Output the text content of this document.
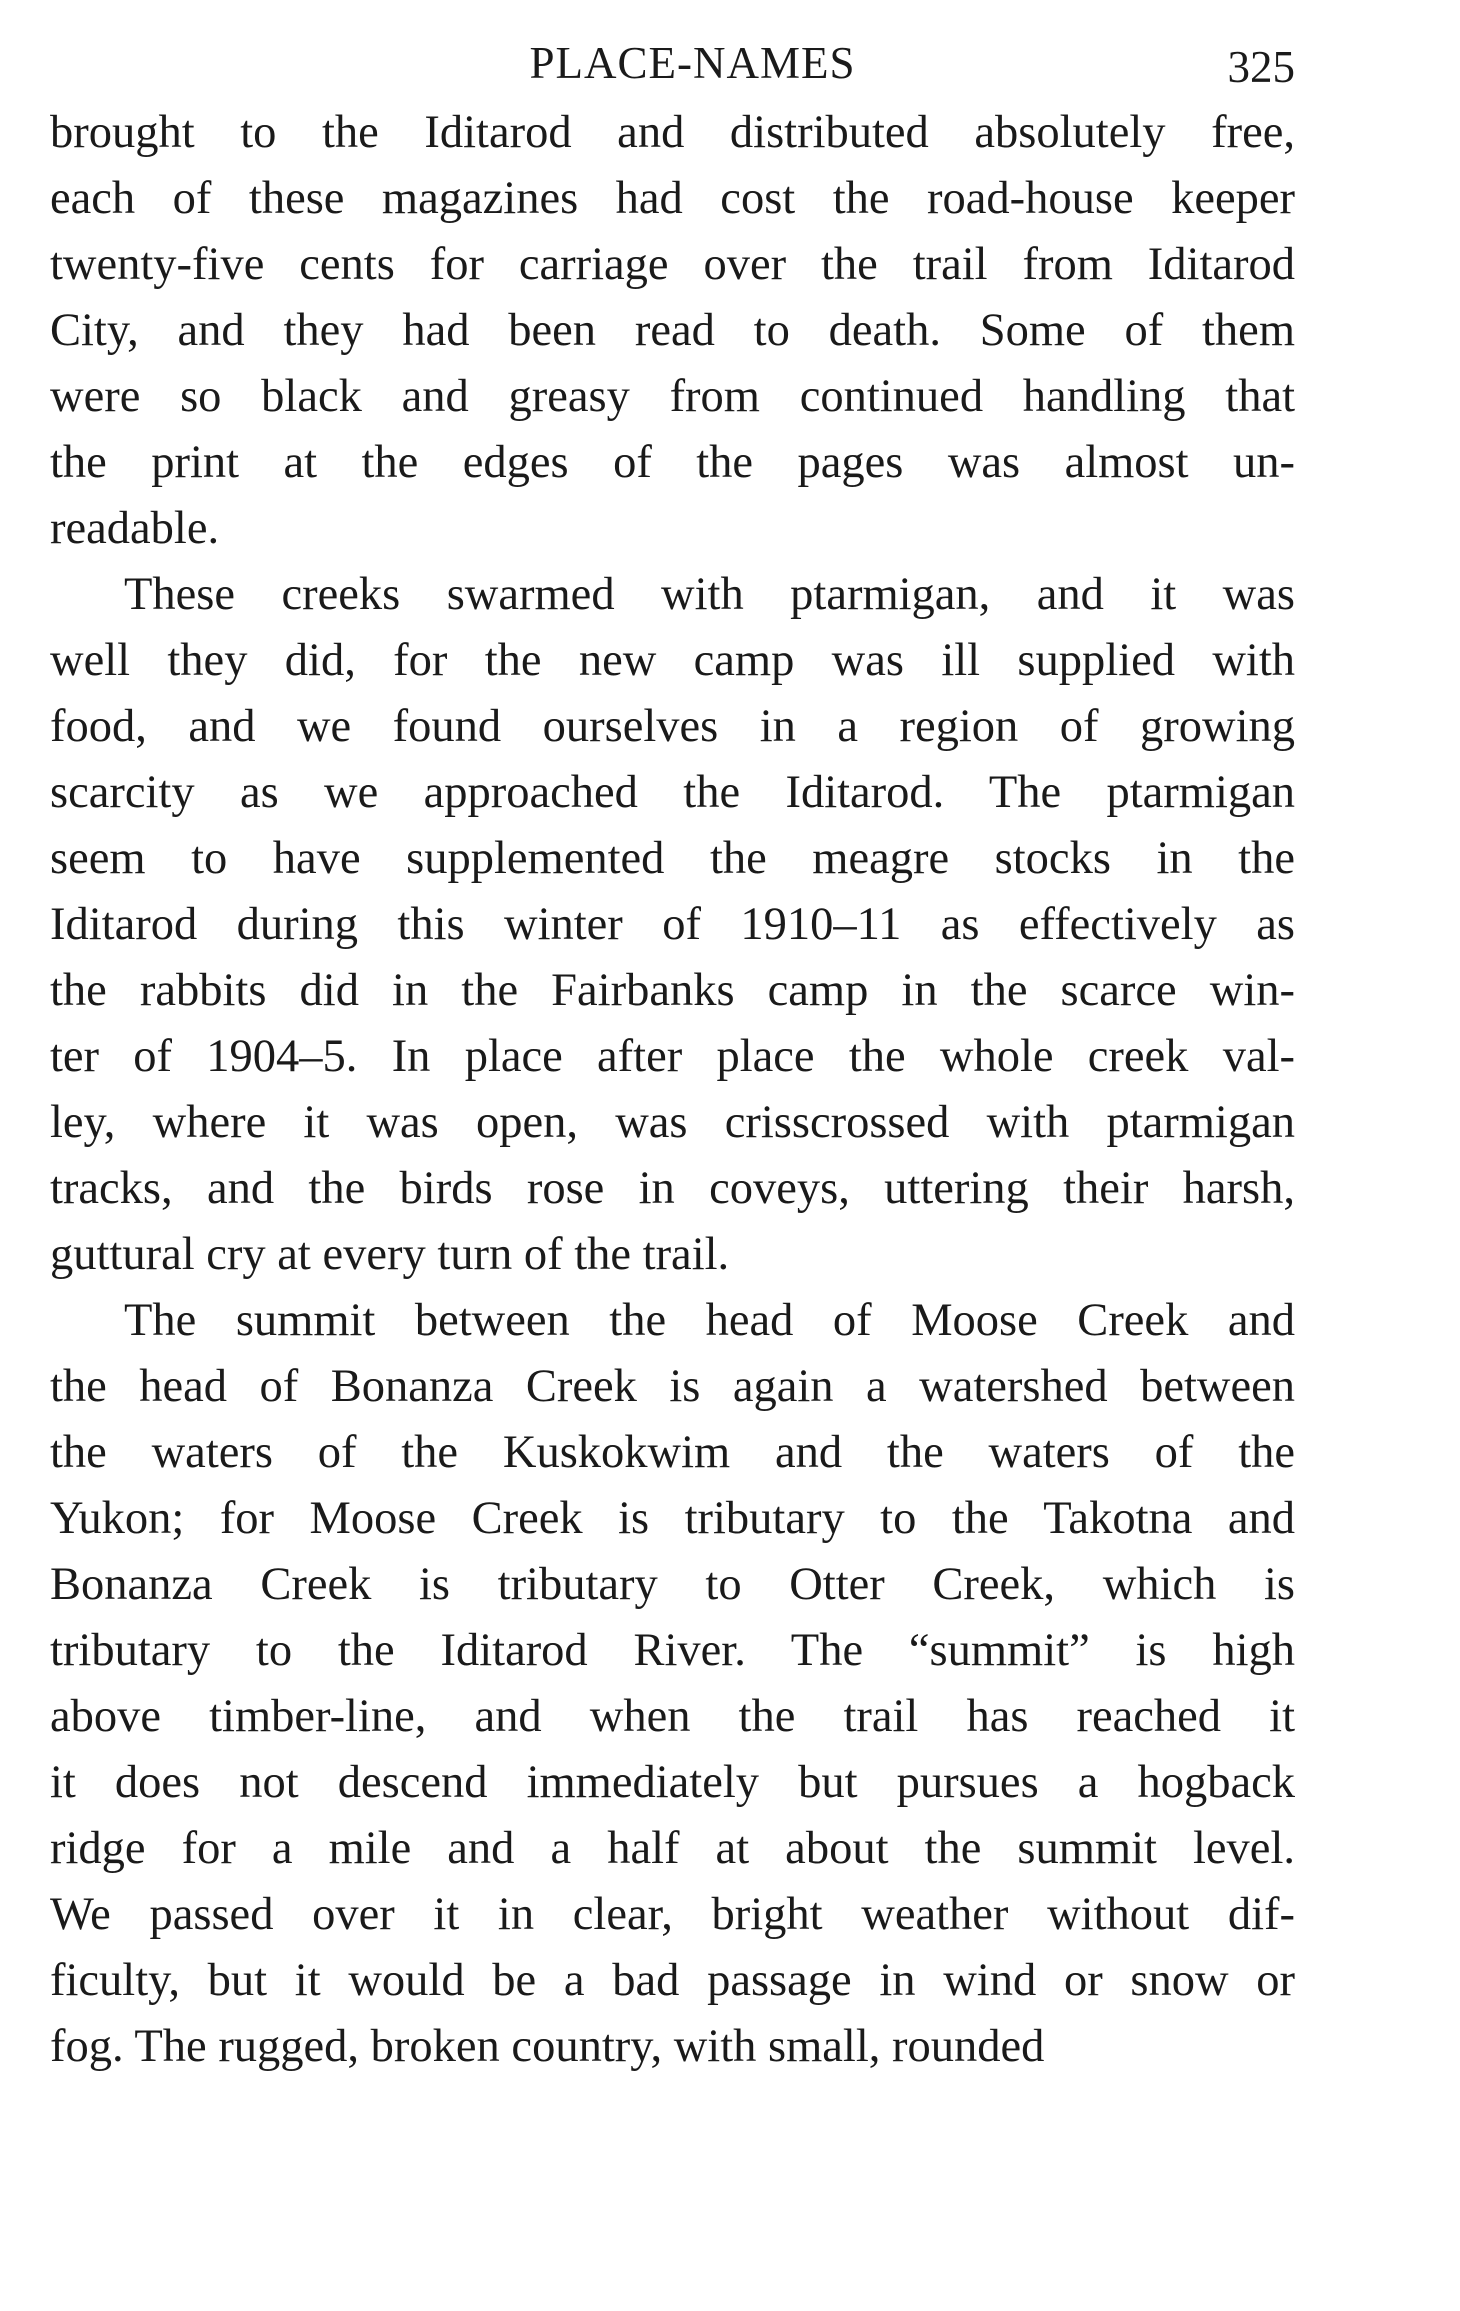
PLACE-NAMES	325

brought to the Iditarod and distributed absolutely free,
each of these magazines had cost the road-house keeper
twenty-five cents for carriage over the trail from Iditarod
City, and they had been read to death. Some of them
were so black and greasy from continued handling that
the print at the edges of the pages was almost un-
readable.

These creeks swarmed with ptarmigan, and it was
well they did, for the new camp was ill supplied with
food, and we found ourselves in a region of growing
scarcity as we approached the Iditarod. The ptarmigan
seem to have supplemented the meagre stocks in the
Iditarod during this winter of 1910–11 as effectively as
the rabbits did in the Fairbanks camp in the scarce win-
ter of 1904–5. In place after place the whole creek val-
ley, where it was open, was crisscrossed with ptarmigan
tracks, and the birds rose in coveys, uttering their harsh,
guttural cry at every turn of the trail.

The summit between the head of Moose Creek and
the head of Bonanza Creek is again a watershed between
the waters of the Kuskokwim and the waters of the
Yukon; for Moose Creek is tributary to the Takotna and
Bonanza Creek is tributary to Otter Creek, which is
tributary to the Iditarod River. The “summit” is high
above timber-line, and when the trail has reached it
it does not descend immediately but pursues a hogback
ridge for a mile and a half at about the summit level.
We passed over it in clear, bright weather without dif-
ficulty, but it would be a bad passage in wind or snow or
fog. The rugged, broken country, with small, rounded
